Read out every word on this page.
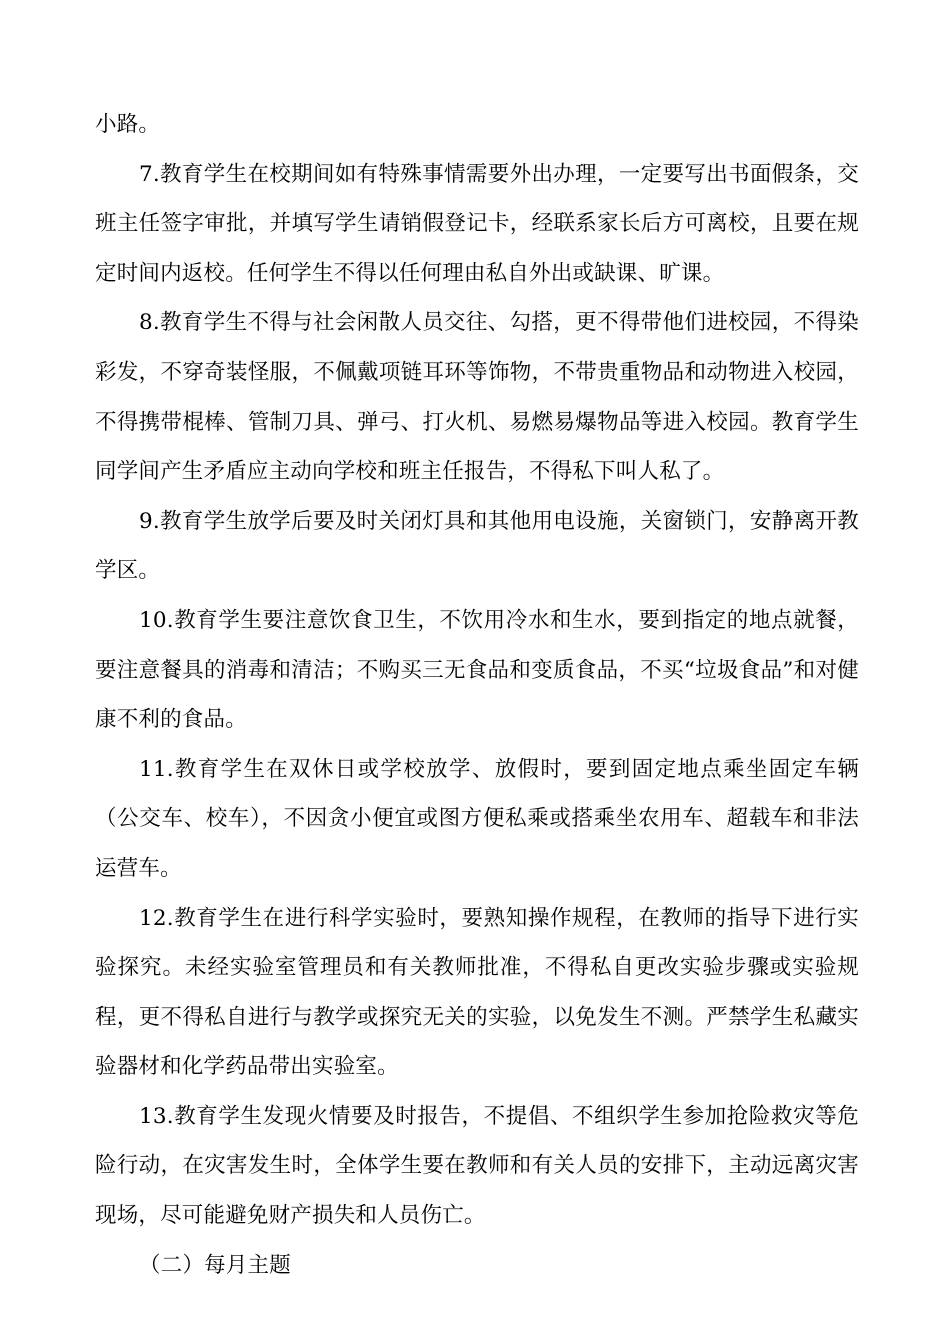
小路。

7.教育学生在校期间如有特殊事情需要外出办理，一定要写出书面假条，交班主任签字审批，并填写学生请销假登记卡，经联系家长后方可离校，且要在规定时间内返校。任何学生不得以任何理由私自外出或缺课、旷课。

8.教育学生不得与社会闲散人员交往、勾搭，更不得带他们进校园，不得染彩发，不穿奇装怪服，不佩戴项链耳环等饰物，不带贵重物品和动物进入校园，不得携带棍棒、管制刀具、弹弓、打火机、易燃易爆物品等进入校园。教育学生同学间产生矛盾应主动向学校和班主任报告，不得私下叫人私了。

9.教育学生放学后要及时关闭灯具和其他用电设施，关窗锁门，安静离开教学区。

10.教育学生要注意饮食卫生，不饮用冷水和生水，要到指定的地点就餐，要注意餐具的消毒和清洁；不购买三无食品和变质食品，不买“垃圾食品”和对健康不利的食品。

11.教育学生在双休日或学校放学、放假时，要到固定地点乘坐固定车辆（公交车、校车），不因贪小便宜或图方便私乘或搭乘坐农用车、超载车和非法运营车。

12.教育学生在进行科学实验时，要熟知操作规程，在教师的指导下进行实验探究。未经实验室管理员和有关教师批准，不得私自更改实验步骤或实验规程，更不得私自进行与教学或探究无关的实验，以免发生不测。严禁学生私藏实验器材和化学药品带出实验室。

13.教育学生发现火情要及时报告，不提倡、不组织学生参加抢险救灾等危险行动，在灾害发生时，全体学生要在教师和有关人员的安排下，主动远离灾害现场，尽可能避免财产损失和人员伤亡。

（二）每月主题
